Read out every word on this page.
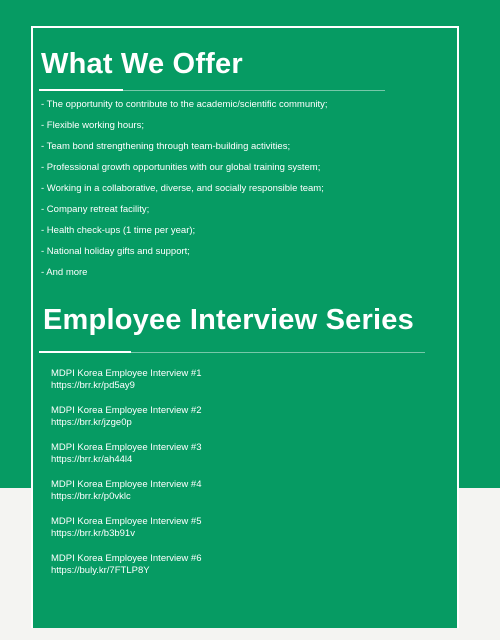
What We Offer
- The opportunity to contribute to the academic/scientific community;
- Flexible working hours;
- Team bond strengthening through team-building activities;
- Professional growth opportunities with our global training system;
- Working in a collaborative, diverse, and socially responsible team;
- Company retreat facility;
- Health check-ups (1 time per year);
- National holiday gifts and support;
- And more
Employee Interview Series
MDPI Korea Employee Interview #1
https://brr.kr/pd5ay9
MDPI Korea Employee Interview #2
https://brr.kr/jzge0p
MDPI Korea Employee Interview #3
https://brr.kr/ah44l4
MDPI Korea Employee Interview #4
https://brr.kr/p0vklc
MDPI Korea Employee Interview #5
https://brr.kr/b3b91v
MDPI Korea Employee Interview #6
https://buly.kr/7FTLP8Y
